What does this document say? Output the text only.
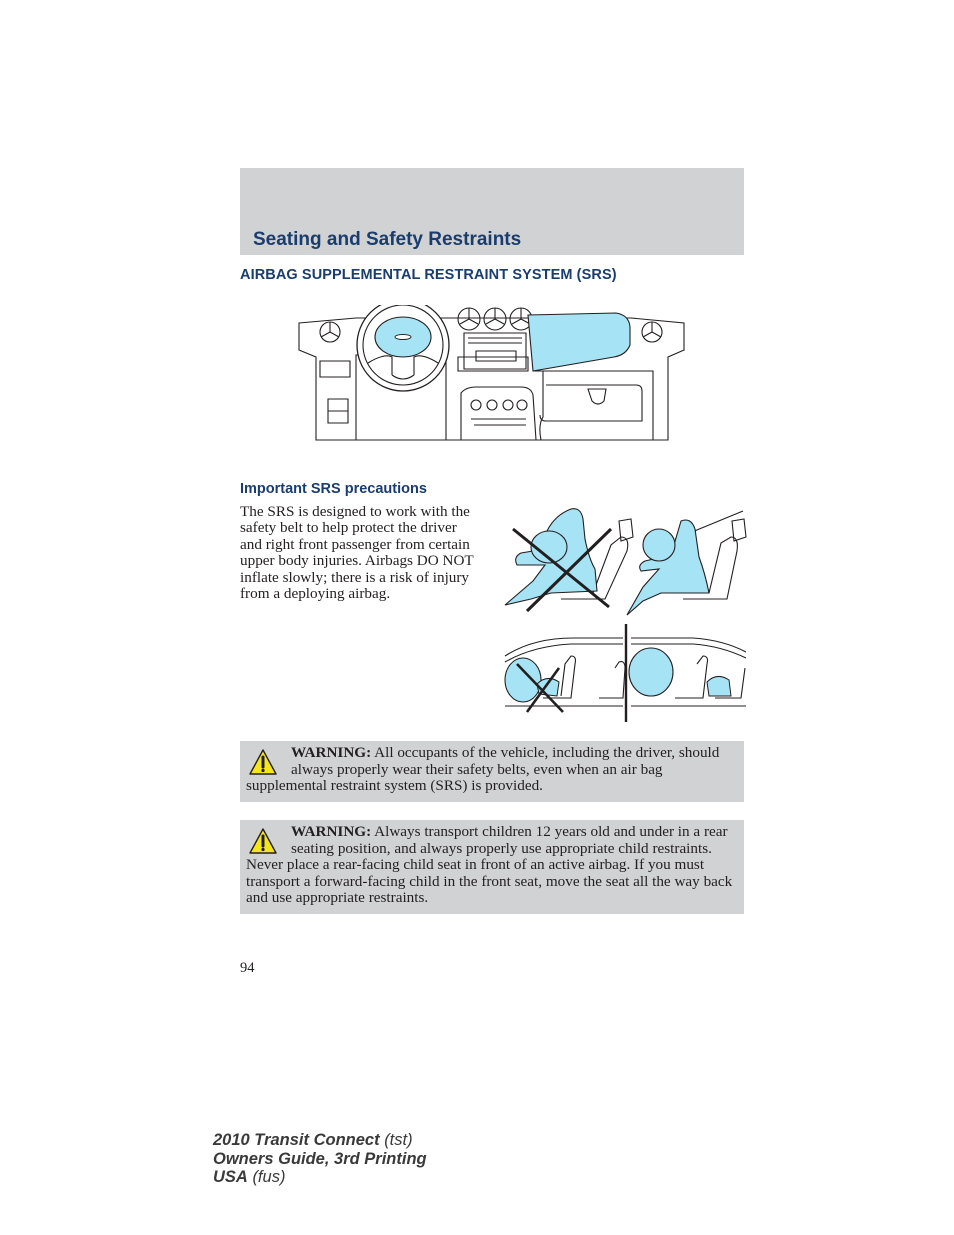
Seating and Safety Restraints
AIRBAG SUPPLEMENTAL RESTRAINT SYSTEM (SRS)
Important SRS precautions

The SRS is designed to work with the safety belt to help protect the driver and right front passenger from certain upper body injuries. Airbags DO NOT inflate slowly; there is a risk of injury from a deploying airbag.

WARNING: All occupants of the vehicle, including the driver, should always properly wear their safety belts, even when an air bag supplemental restraint system (SRS) is provided.
WARNING: Always transport children 12 years old and under in a rear seating position, and always properly use appropriate child restraints. Never place a rear-facing child seat in front of an active airbag. If you must transport a forward-facing child in the front seat, move the seat all the way back and use appropriate restraints.

94

2010 Transit Connect (tst)
Owners Guide, 3rd Printing
USA (fus)
